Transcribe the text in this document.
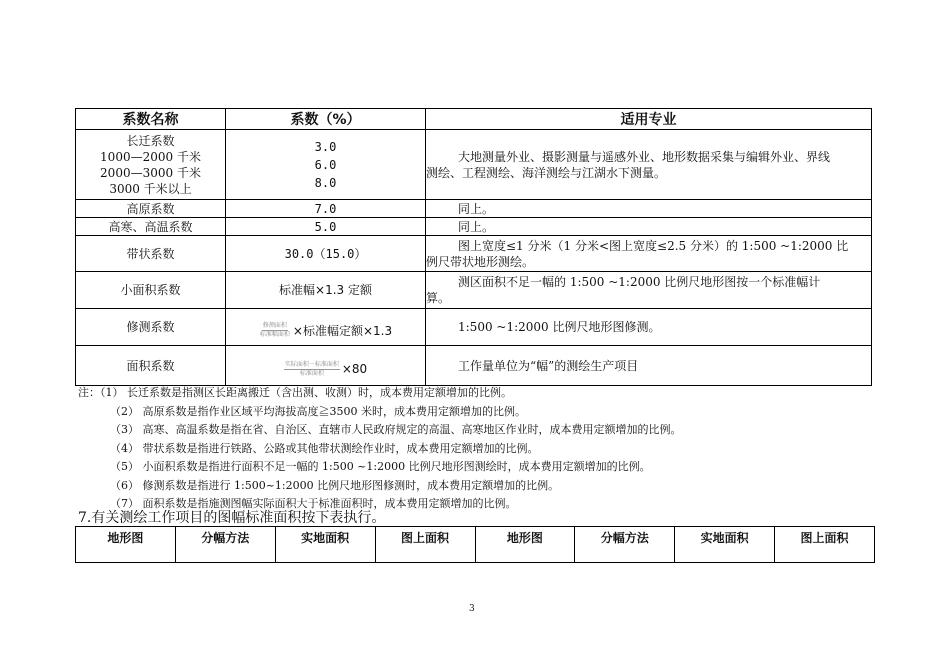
系数名称	系数（%）	适用专业

长迁系数
1000—2000 千米
2000—3000 千米
3000 千米以上	3.0
6.0
8.0	大地测量外业、摄影测量与遥感外业、地形数据采集与编辑外业、界线
测绘、工程测绘、海洋测绘与江湖水下测量。

高原系数	7.0	同上。
高寒、高温系数	5.0	同上。
带状系数	30.0（15.0）	图上宽度≤1 分米（1 分米<图上宽度≤2.5 分米）的 1:500 ~1:2000 比
例尺带状地形测绘。

小面积系数	标准幅×1.3 定额	测区面积不足一幅的 1:500 ~1:2000 比例尺地形图按一个标准幅计
算。

修测系数	$\frac{\text{修测面积}}{\text{标准幅面积}}$ ×标准幅定额×1.3	1:500 ~1:2000 比例尺地形图修测。
面积系数	$\frac{\text{实际面积－标准面积}}{\text{标准面积}} \times 80$	工作量单位为“幅”的测绘生产项目
注：（1） 长迁系数是指测区长距离搬迁（含出测、收测）时，成本费用定额增加的比例。
（2） 高原系数是指作业区域平均海拔高度≧3500 米时，成本费用定额增加的比例。
（3） 高寒、高温系数是指在省、自治区、直辖市人民政府规定的高温、高寒地区作业时，成本费用定额增加的比例。
（4） 带状系数是指进行铁路、公路或其他带状测绘作业时，成本费用定额增加的比例。
（5） 小面积系数是指进行面积不足一幅的 1:500 ~1:2000 比例尺地形图测绘时，成本费用定额增加的比例。
（6） 修测系数是指进行 1:500~1:2000 比例尺地形图修测时，成本费用定额增加的比例。
（7） 面积系数是指施测图幅实际面积大于标准面积时，成本费用定额增加的比例。
7.有关测绘工作项目的图幅标准面积按下表执行。
地形图	分幅方法	实地面积	图上面积	地形图	分幅方法	实地面积	图上面积
3
